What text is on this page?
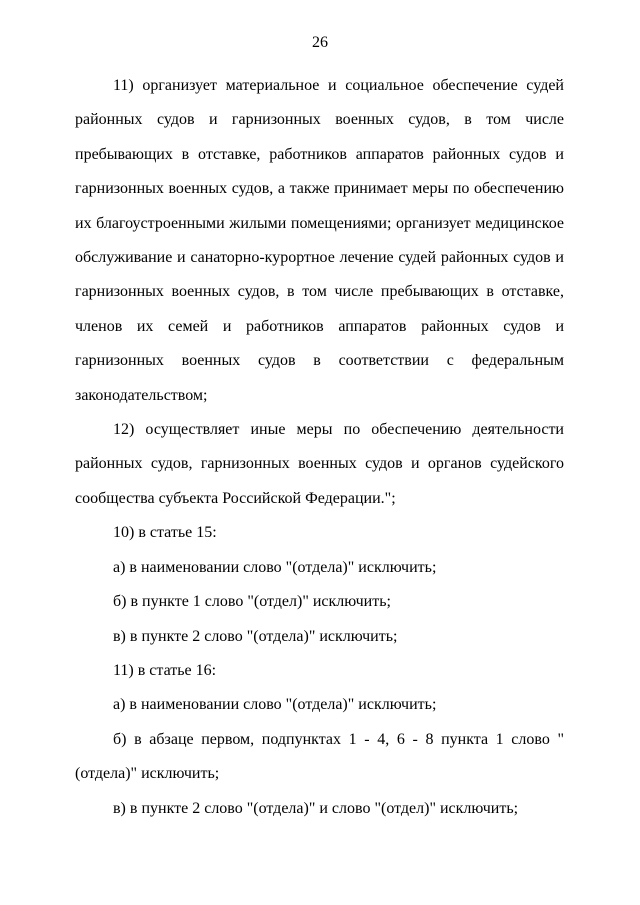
26

11) организует материальное и социальное обеспечение судей районных судов и гарнизонных военных судов, в том числе пребывающих в отставке, работников аппаратов районных судов и гарнизонных военных судов, а также принимает меры по обеспечению их благоустроенными жилыми помещениями; организует медицинское обслуживание и санаторно-курортное лечение судей районных судов и гарнизонных военных судов, в том числе пребывающих в отставке, членов их семей и работников аппаратов районных судов и гарнизонных военных судов в соответствии с федеральным законодательством;

12) осуществляет иные меры по обеспечению деятельности районных судов, гарнизонных военных судов и органов судейского сообщества субъекта Российской Федерации.";

10) в статье 15:

а) в наименовании слово "(отдела)" исключить;

б) в пункте 1 слово "(отдел)" исключить;

в) в пункте 2 слово "(отдела)" исключить;

11) в статье 16:

а) в наименовании слово "(отдела)" исключить;

б) в абзаце первом, подпунктах 1 - 4, 6 - 8 пункта 1 слово "(отдела)" исключить;

в) в пункте 2 слово "(отдела)" и слово "(отдел)" исключить;
